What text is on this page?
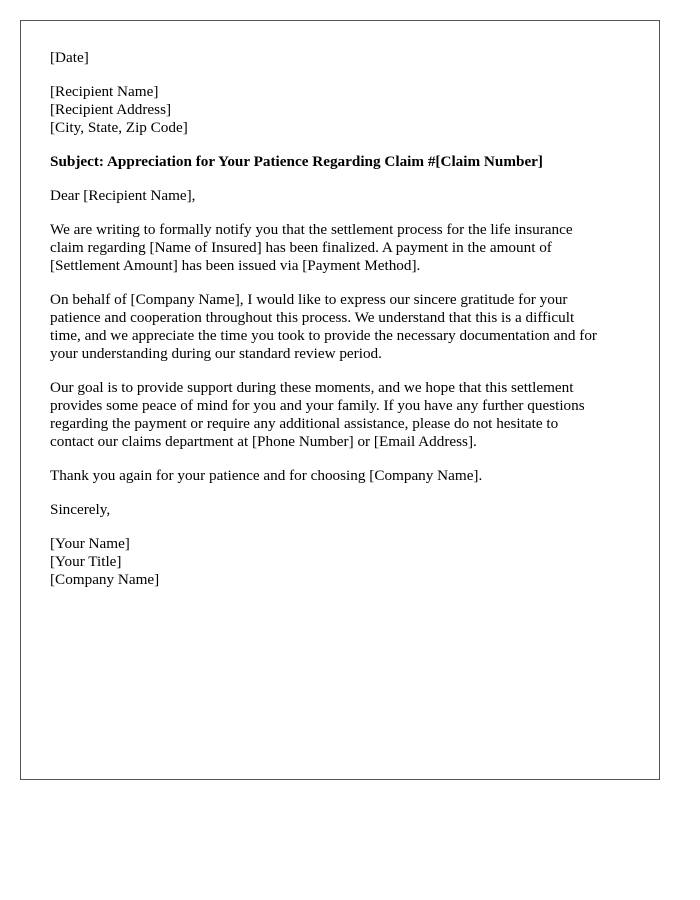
[Date]
[Recipient Name]
[Recipient Address]
[City, State, Zip Code]
Subject: Appreciation for Your Patience Regarding Claim #[Claim Number]
Dear [Recipient Name],
We are writing to formally notify you that the settlement process for the life insurance
claim regarding [Name of Insured] has been finalized. A payment in the amount of
[Settlement Amount] has been issued via [Payment Method].
On behalf of [Company Name], I would like to express our sincere gratitude for your
patience and cooperation throughout this process. We understand that this is a difficult
time, and we appreciate the time you took to provide the necessary documentation and for
your understanding during our standard review period.
Our goal is to provide support during these moments, and we hope that this settlement
provides some peace of mind for you and your family. If you have any further questions
regarding the payment or require any additional assistance, please do not hesitate to
contact our claims department at [Phone Number] or [Email Address].
Thank you again for your patience and for choosing [Company Name].
Sincerely,
[Your Name]
[Your Title]
[Company Name]
